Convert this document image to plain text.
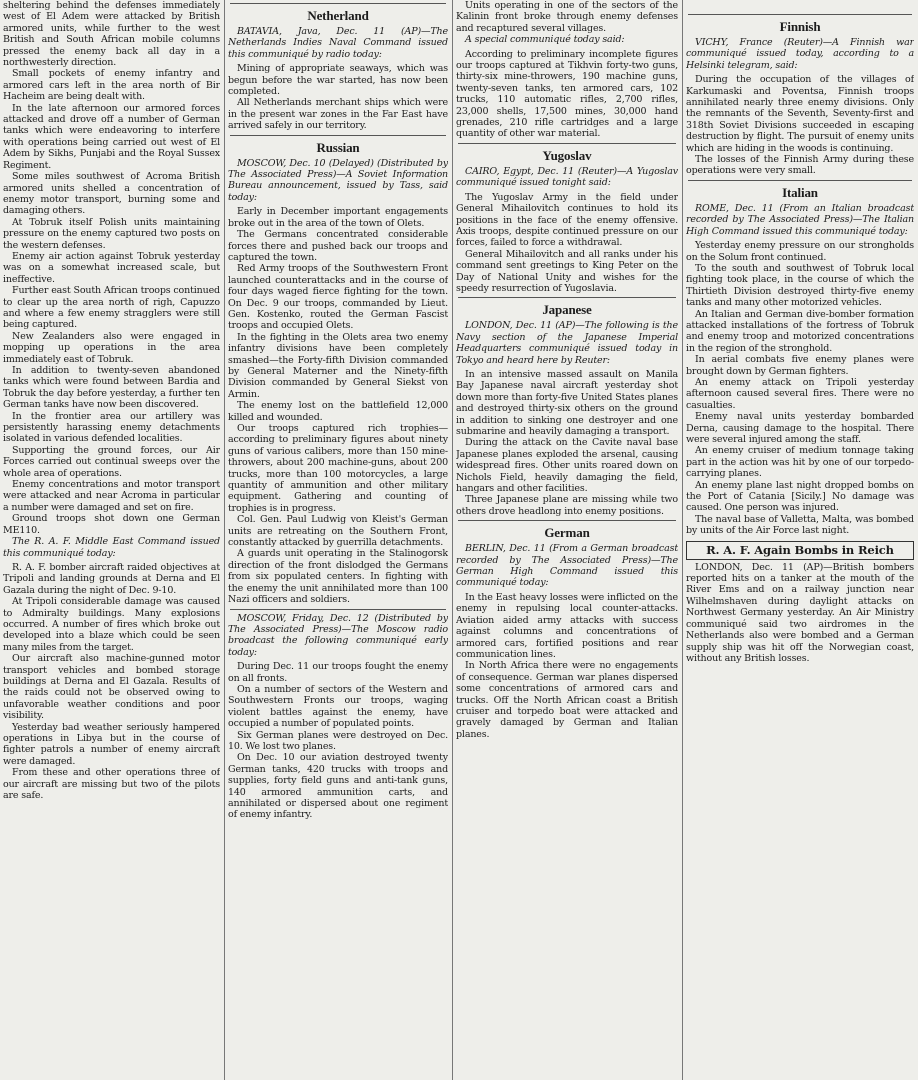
sheltering behind the defenses immediately west of El Adem were attacked by British armored units, while further to the west British and South African mobile columns pressed the enemy back all day in a northwesterly direction.

Small pockets of enemy infantry and armored cars left in the area north of Bir Hacheim are being dealt with.

In the late afternoon our armored forces attacked and drove off a number of German tanks which were endeavoring to interfere with operations being carried out west of El Adem by Sikhs, Punjabi and the Royal Sussex Regiment.

Some miles southwest of Acroma British armored units shelled a concentration of enemy motor transport, burning some and damaging others.

At Tobruk itself Polish units maintaining pressure on the enemy captured two posts on the western defenses.

Enemy air action against Tobruk yesterday was on a somewhat increased scale, but ineffective.

Further east South African troops continued to clear up the area north of righ, Capuzzo and where a few enemy stragglers were still being captured.

New Zealanders also were engaged in mopping up operations in the area immediately east of Tobruk.

In addition to twenty-seven abandoned tanks which were found between Bardia and Tobruk the day before yesterday, a further ten German tanks have now been discovered.

In the frontier area our artillery was persistently harassing enemy detachments isolated in various defended localities.

Supporting the ground forces, our Air Forces carried out continual sweeps over the whole area of operations.

Enemy concentrations and motor transport were attacked and near Acroma in particular a number were damaged and set on fire.

Ground troops shot down one German ME110.

The R. A. F. Middle East Command issued this communiqué today:

R. A. F. bomber aircraft raided objectives at Tripoli and landing grounds at Derna and El Gazala during the night of Dec. 9-10.

At Tripoli considerable damage was caused to Admiralty buildings. Many explosions occurred. A number of fires which broke out developed into a blaze which could be seen many miles from the target.

Our aircraft also machine-gunned motor transport vehicles and bombed storage buildings at Derna and El Gazala. Results of the raids could not be observed owing to unfavorable weather conditions and poor visibility.

Yesterday bad weather seriously hampered operations in Libya but in the course of fighter patrols a number of enemy aircraft were damaged.

From these and other operations three of our aircraft are missing but two of the pilots are safe.

Netherland
BATAVIA, Java, Dec. 11 (AP)—The Netherlands Indies Naval Command issued this communiqué by radio today:

Mining of appropriate seaways, which was begun before the war started, has now been completed.

All Netherlands merchant ships which were in the present war zones in the Far East have arrived safely in our territory.

Russian
MOSCOW, Dec. 10 (Delayed) (Distributed by The Associated Press)—A Soviet Information Bureau announcement, issued by Tass, said today:

Early in December important engagements broke out in the area of the town of Olets.

The Germans concentrated considerable forces there and pushed back our troops and captured the town.

Red Army troops of the Southwestern Front launched counterattacks and in the course of four days waged fierce fighting for the town. On Dec. 9 our troops, commanded by Lieut. Gen. Kostenko, routed the German Fascist troops and occupied Olets.

In the fighting in the Olets area two enemy infantry divisions have been completely smashed—the Forty-fifth Division commanded by General Materner and the Ninety-fifth Division commanded by General Siekst von Armin.

The enemy lost on the battlefield 12,000 killed and wounded.

Our troops captured rich trophies—according to preliminary figures about ninety guns of various calibers, more than 150 mine-throwers, about 200 machine-guns, about 200 trucks, more than 100 motorcycles, a large quantity of ammunition and other military equipment. Gathering and counting of trophies is in progress.

Col. Gen. Paul Ludwig von Kleist's German units are retreating on the Southern Front, constantly attacked by guerrilla detachments.

A guards unit operating in the Stalinogorsk direction of the front dislodged the Germans from six populated centers. In fighting with the enemy the unit annihilated more than 100 Nazi officers and soldiers.

MOSCOW, Friday, Dec. 12 (Distributed by The Associated Press)—The Moscow radio broadcast the following communiqué early today:

During Dec. 11 our troops fought the enemy on all fronts.

On a number of sectors of the Western and Southwestern Fronts our troops, waging violent battles against the enemy, have occupied a number of populated points.

Six German planes were destroyed on Dec. 10. We lost two planes.

On Dec. 10 our aviation destroyed twenty German tanks, 420 trucks with troops and supplies, forty field guns and anti-tank guns, 140 armored ammunition carts, and annihilated or dispersed about one regiment of enemy infantry.

Units operating in one of the sectors of the Kalinin front broke through enemy defenses and recaptured several villages.

A special communiqué today said:

According to preliminary incomplete figures our troops captured at Tikhvin forty-two guns, thirty-six mine-throwers, 190 machine guns, twenty-seven tanks, ten armored cars, 102 trucks, 110 automatic rifles, 2,700 rifles, 23,000 shells, 17,500 mines, 30,000 hand grenades, 210 rifle cartridges and a large quantity of other war material.

Yugoslav
CAIRO, Egypt, Dec. 11 (Reuter)—A Yugoslav communiqué issued tonight said:

The Yugoslav Army in the field under General Mihailovitch continues to hold its positions in the face of the enemy offensive. Axis troops, despite continued pressure on our forces, failed to force a withdrawal.

General Mihailovitch and all ranks under his command sent greetings to King Peter on the Day of National Unity and wishes for the speedy resurrection of Yugoslavia.

Japanese
LONDON, Dec. 11 (AP)—The following is the Navy section of the Japanese Imperial Headquarters communiqué issued today in Tokyo and heard here by Reuter:

In an intensive massed assault on Manila Bay Japanese naval aircraft yesterday shot down more than forty-five United States planes and destroyed thirty-six others on the ground in addition to sinking one destroyer and one submarine and heavily damaging a transport.

During the attack on the Cavite naval base Japanese planes exploded the arsenal, causing widespread fires. Other units roared down on Nichols Field, heavily damaging the field, hangars and other facilities.

Three Japanese plane are missing while two others drove headlong into enemy positions.

German
BERLIN, Dec. 11 (From a German broadcast recorded by The Associated Press)—The German High Command issued this communiqué today:

In the East heavy losses were inflicted on the enemy in repulsing local counter-attacks. Aviation aided army attacks with success against columns and concentrations of armored cars, fortified positions and rear communication lines.

In North Africa there were no engagements of consequence. German war planes dispersed some concentrations of armored cars and trucks. Off the North African coast a British cruiser and torpedo boat were attacked and gravely damaged by German and Italian planes.

Finnish
VICHY, France (Reuter)—A Finnish war communiqué issued today, according to a Helsinki telegram, said:

During the occupation of the villages of Karkumaski and Poventsa, Finnish troops annihilated nearly three enemy divisions. Only the remnants of the Seventh, Seventy-first and 318th Soviet Divisions succeeded in escaping destruction by flight. The pursuit of enemy units which are hiding in the woods is continuing.

The losses of the Finnish Army during these operations were very small.

Italian
ROME, Dec. 11 (From an Italian broadcast recorded by The Associated Press)—The Italian High Command issued this communiqué today:

Yesterday enemy pressure on our strongholds on the Solum front continued.

To the south and southwest of Tobruk local fighting took place, in the course of which the Thirtieth Division destroyed thirty-five enemy tanks and many other motorized vehicles.

An Italian and German dive-bomber formation attacked installations of the fortress of Tobruk and enemy troop and motorized concentrations in the region of the stronghold.

In aerial combats five enemy planes were brought down by German fighters.

An enemy attack on Tripoli yesterday afternoon caused several fires. There were no casualties.

Enemy naval units yesterday bombarded Derna, causing damage to the hospital. There were several injured among the staff.

An enemy cruiser of medium tonnage taking part in the action was hit by one of our torpedo-carrying planes.

An enemy plane last night dropped bombs on the Port of Catania [Sicily.] No damage was caused. One person was injured.

The naval base of Valletta, Malta, was bombed by units of the Air Force last night.

R. A. F. Again Bombs in Reich

LONDON, Dec. 11 (AP)—British bombers reported hits on a tanker at the mouth of the River Ems and on a railway junction near Wilhelmshaven during daylight attacks on Northwest Germany yesterday. An Air Ministry communiqué said two airdromes in the Netherlands also were bombed and a German supply ship was hit off the Norwegian coast, without any British losses.
